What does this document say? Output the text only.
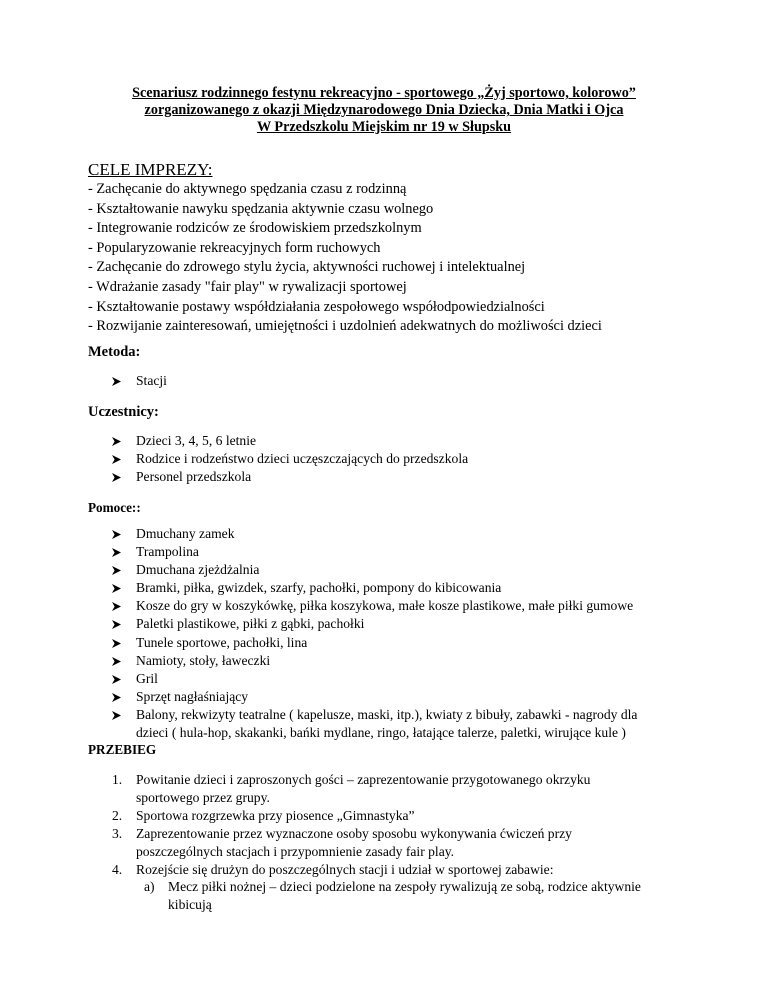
Scenariusz rodzinnego festynu rekreacyjno - sportowego „Żyj sportowo, kolorowo”
zorganizowanego z okazji Międzynarodowego Dnia Dziecka, Dnia Matki i Ojca
W Przedszkolu Miejskim nr 19 w Słupsku
CELE IMPREZY:
- Zachęcanie do aktywnego spędzania czasu z rodzinną
- Kształtowanie nawyku spędzania aktywnie czasu wolnego
- Integrowanie rodziców ze środowiskiem przedszkolnym
- Popularyzowanie rekreacyjnych form ruchowych
- Zachęcanie do zdrowego stylu życia, aktywności ruchowej i intelektualnej
- Wdrażanie zasady "fair play" w rywalizacji sportowej
- Kształtowanie postawy współdziałania zespołowego współodpowiedzialności
- Rozwijanie zainteresowań, umiejętności i uzdolnień adekwatnych do możliwości dzieci
Metoda:
Stacji
Uczestnicy:
Dzieci 3, 4, 5, 6 letnie
Rodzice i rodzeństwo dzieci uczęszczających do przedszkola
Personel przedszkola
Pomoce::
Dmuchany zamek
Trampolina
Dmuchana zjeżdżalnia
Bramki, piłka, gwizdek, szarfy, pachołki, pompony do kibicowania
Kosze do gry w koszykówkę, piłka koszykowa, małe kosze plastikowe, małe piłki gumowe
Paletki plastikowe, piłki z gąbki, pachołki
Tunele sportowe, pachołki, lina
Namioty, stoły, ławeczki
Gril
Sprzęt nagłaśniający
Balony, rekwizyty teatralne ( kapelusze, maski, itp.), kwiaty z bibuły, zabawki - nagrody dla
dzieci ( hula-hop, skakanki, bańki mydlane, ringo, łatające talerze, paletki, wirujące kule )
PRZEBIEG
1. Powitanie dzieci i zaproszonych gości – zaprezentowanie przygotowanego okrzyku
sportowego przez grupy.
2. Sportowa rozgrzewka przy piosence „Gimnastyka”
3. Zaprezentowanie przez wyznaczone osoby sposobu wykonywania ćwiczeń przy
poszczególnych stacjach i przypomnienie zasady fair play.
4. Rozejście się drużyn do poszczególnych stacji i udział w sportowej zabawie:
a) Mecz piłki nożnej – dzieci podzielone na zespoły rywalizują ze sobą, rodzice aktywnie
kibicują
